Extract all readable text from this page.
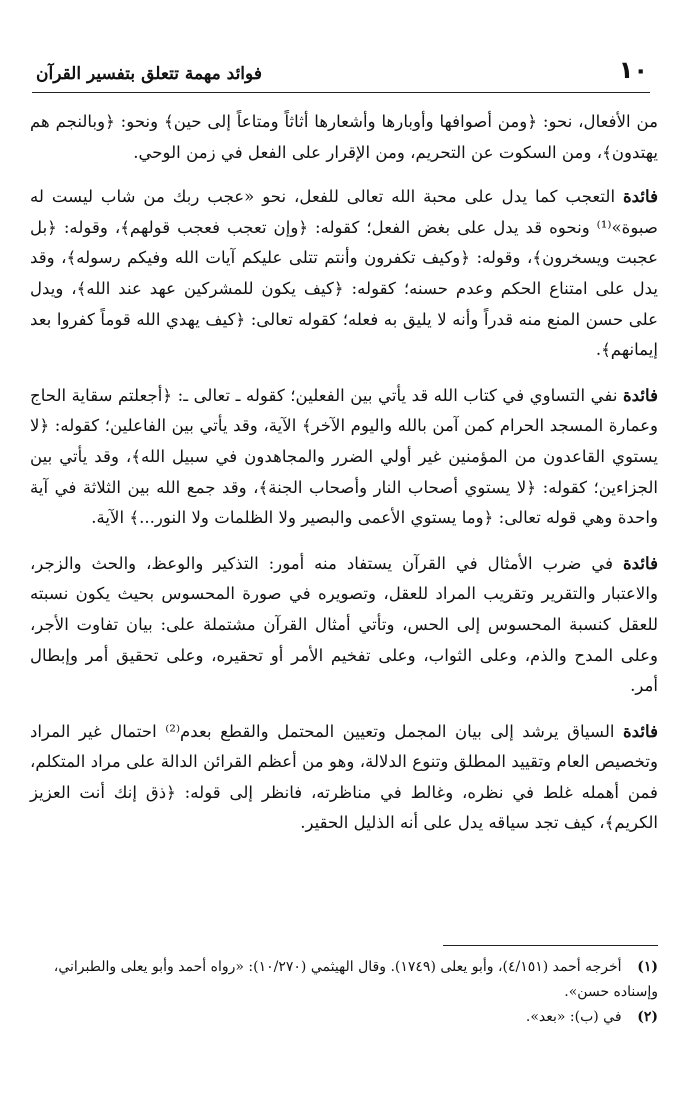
١٠
فوائد مهمة تتعلق بتفسير القرآن

من الأفعال، نحو: ﴿ومن أصوافها وأوبارها وأشعارها أثاثاً ومتاعاً إلى حين﴾ ونحو: ﴿وبالنجم هم يهتدون﴾، ومن السكوت عن التحريم، ومن الإقرار على الفعل في زمن الوحي.

فائدة التعجب كما يدل على محبة الله تعالى للفعل، نحو «عجب ربك من شاب ليست له صبوة»⁽¹⁾ ونحوه قد يدل على بغض الفعل؛ كقوله: ﴿وإن تعجب فعجب قولهم﴾، وقوله: ﴿بل عجبت ويسخرون﴾، وقوله: ﴿وكيف تكفرون وأنتم تتلى عليكم آيات الله وفيكم رسوله﴾، وقد يدل على امتناع الحكم وعدم حسنه؛ كقوله: ﴿كيف يكون للمشركين عهد عند الله﴾، ويدل على حسن المنع منه قدراً وأنه لا يليق به فعله؛ كقوله تعالى: ﴿كيف يهدي الله قوماً كفروا بعد إيمانهم﴾.

فائدة نفي التساوي في كتاب الله قد يأتي بين الفعلين؛ كقوله ـ تعالى ـ: ﴿أجعلتم سقاية الحاج وعمارة المسجد الحرام كمن آمن بالله واليوم الآخر﴾ الآية، وقد يأتي بين الفاعلين؛ كقوله: ﴿لا يستوي القاعدون من المؤمنين غير أولي الضرر والمجاهدون في سبيل الله﴾، وقد يأتي بين الجزاءين؛ كقوله: ﴿لا يستوي أصحاب النار وأصحاب الجنة﴾، وقد جمع الله بين الثلاثة في آية واحدة وهي قوله تعالى: ﴿وما يستوي الأعمى والبصير ولا الظلمات ولا النور...﴾ الآية.

فائدة في ضرب الأمثال في القرآن يستفاد منه أمور: التذكير والوعظ، والحث والزجر، والاعتبار والتقرير وتقريب المراد للعقل، وتصويره في صورة المحسوس بحيث يكون نسبته للعقل كنسبة المحسوس إلى الحس، وتأتي أمثال القرآن مشتملة على: بيان تفاوت الأجر، وعلى المدح والذم، وعلى الثواب، وعلى تفخيم الأمر أو تحقيره، وعلى تحقيق أمر وإبطال أمر.

فائدة السياق يرشد إلى بيان المجمل وتعيين المحتمل والقطع بعدم⁽²⁾ احتمال غير المراد وتخصيص العام وتقييد المطلق وتنوع الدلالة، وهو من أعظم القرائن الدالة على مراد المتكلم، فمن أهمله غلط في نظره، وغالط في مناظرته، فانظر إلى قوله: ﴿ذق إنك أنت العزيز الكريم﴾، كيف تجد سياقه يدل على أنه الذليل الحقير.

(١) أخرجه أحمد (٤/١٥١)، وأبو يعلى (١٧٤٩). وقال الهيثمي (١٠/٢٧٠): «رواه أحمد وأبو يعلى والطبراني، وإسناده حسن».

(٢) في (ب): «بعد».
